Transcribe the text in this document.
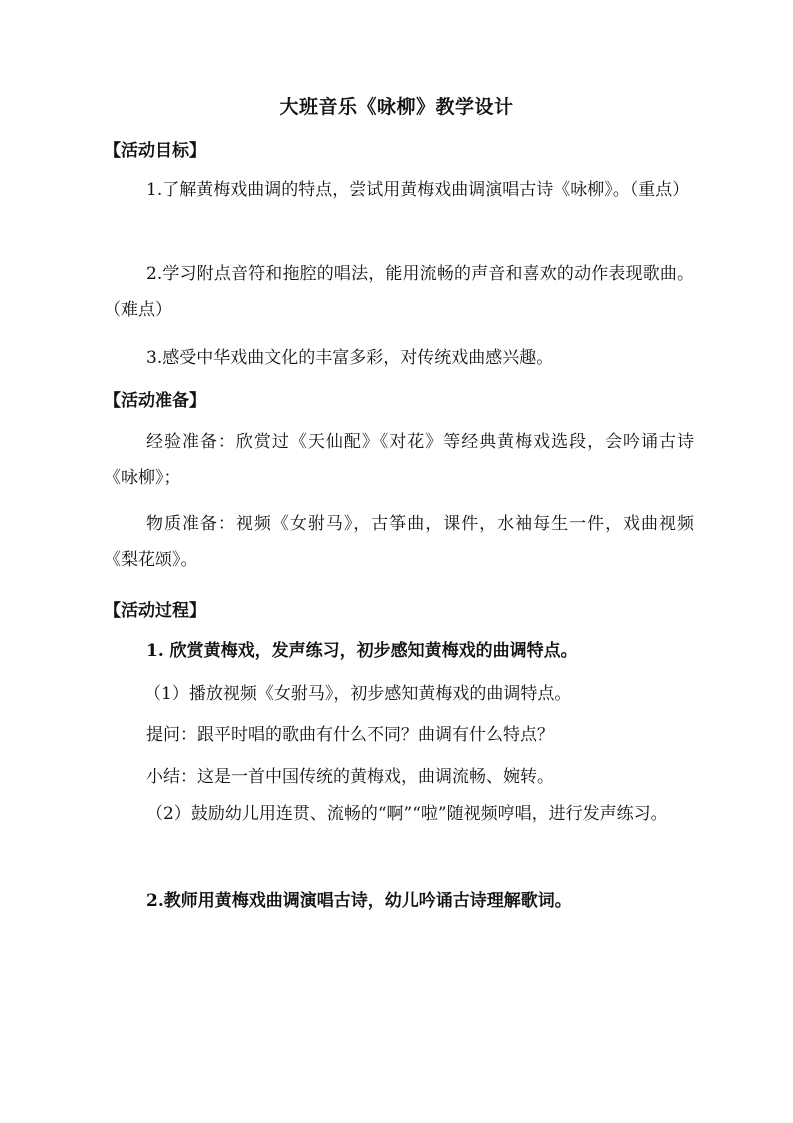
大班音乐《咏柳》教学设计
【活动目标】
1.了解黄梅戏曲调的特点，尝试用黄梅戏曲调演唱古诗《咏柳》。（重点）
2.学习附点音符和拖腔的唱法，能用流畅的声音和喜欢的动作表现歌曲。（难点）
3.感受中华戏曲文化的丰富多彩，对传统戏曲感兴趣。
【活动准备】
经验准备：欣赏过《天仙配》《对花》等经典黄梅戏选段，会吟诵古诗《咏柳》；
物质准备：视频《女驸马》，古筝曲，课件，水袖每生一件，戏曲视频《梨花颂》。
【活动过程】
1. 欣赏黄梅戏，发声练习，初步感知黄梅戏的曲调特点。
（1）播放视频《女驸马》，初步感知黄梅戏的曲调特点。
提问：跟平时唱的歌曲有什么不同？曲调有什么特点？
小结：这是一首中国传统的黄梅戏，曲调流畅、婉转。
（2）鼓励幼儿用连贯、流畅的“啊”“啦”随视频哼唱，进行发声练习。
2.教师用黄梅戏曲调演唱古诗，幼儿吟诵古诗理解歌词。
